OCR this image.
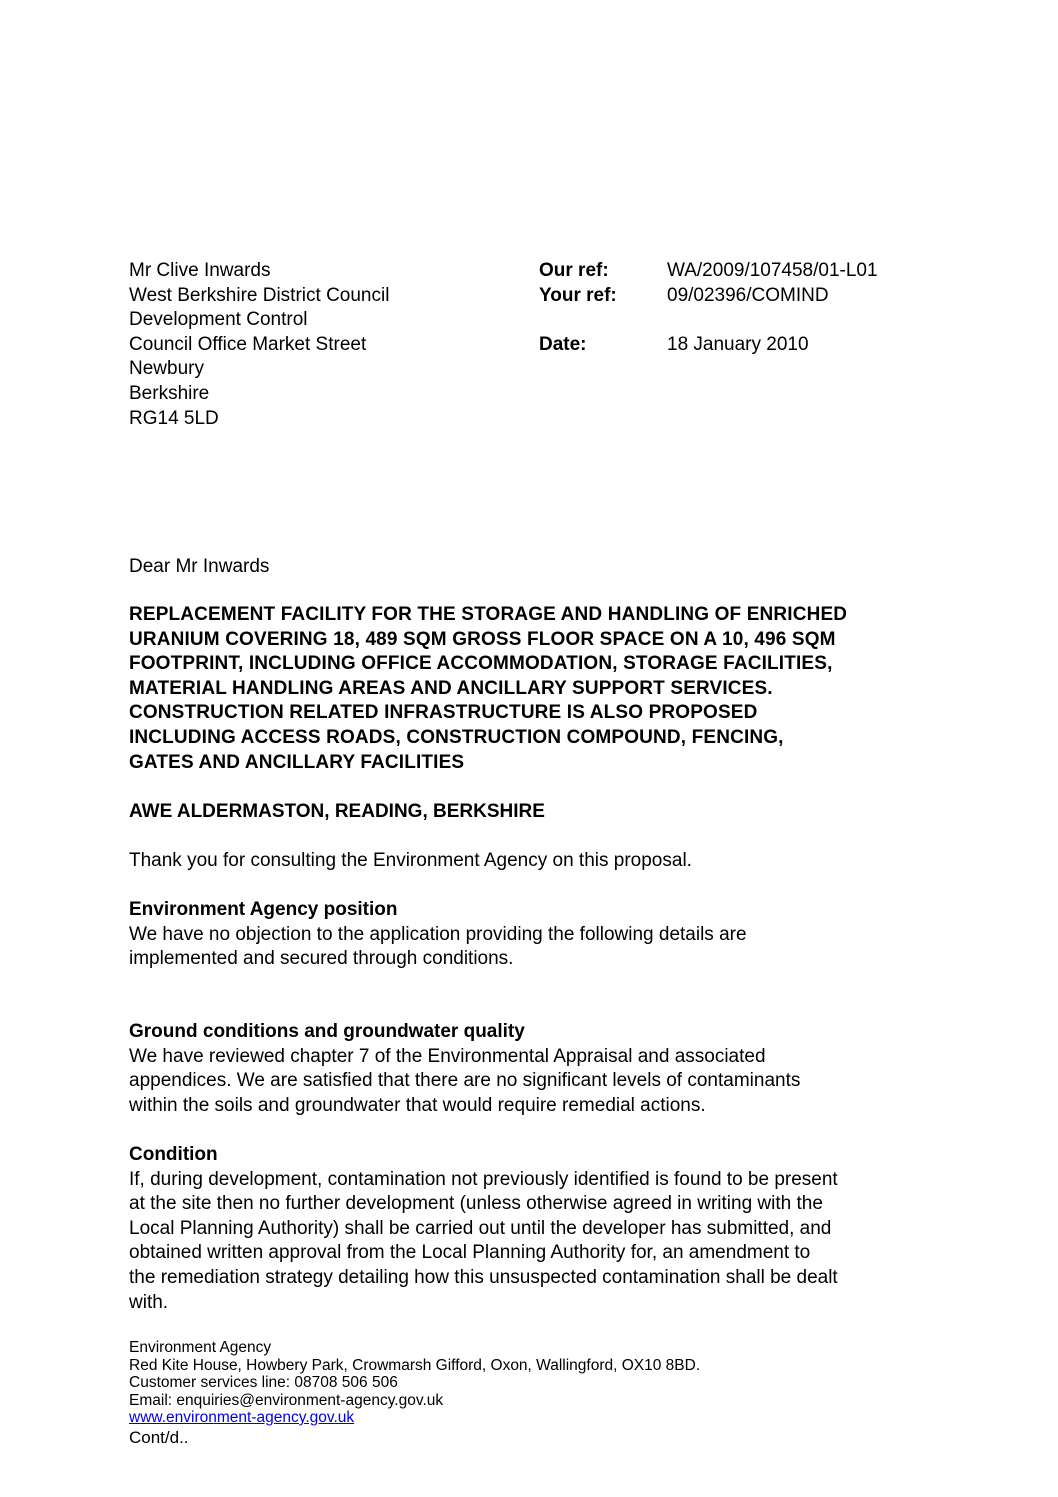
Mr Clive Inwards
West Berkshire District Council
Development Control
Council Office Market Street
Newbury
Berkshire
RG14 5LD
Our ref:	WA/2009/107458/01-L01
Your ref:	09/02396/COMIND
Date:	18 January 2010
Dear Mr Inwards
REPLACEMENT FACILITY FOR THE STORAGE AND HANDLING OF ENRICHED
URANIUM COVERING 18, 489 SQM GROSS FLOOR SPACE ON A 10, 496 SQM
FOOTPRINT, INCLUDING OFFICE ACCOMMODATION, STORAGE FACILITIES,
MATERIAL HANDLING AREAS AND ANCILLARY SUPPORT SERVICES.
CONSTRUCTION RELATED INFRASTRUCTURE IS ALSO PROPOSED
INCLUDING ACCESS ROADS, CONSTRUCTION COMPOUND, FENCING,
GATES AND ANCILLARY FACILITIES
AWE ALDERMASTON, READING, BERKSHIRE
Thank you for consulting the Environment Agency on this proposal.
Environment Agency position
We have no objection to the application providing the following details are
implemented and secured through conditions.
Ground conditions and groundwater quality
We have reviewed chapter 7 of the Environmental Appraisal and associated
appendices. We are satisfied that there are no significant levels of contaminants
within the soils and groundwater that would require remedial actions.
Condition
If, during development, contamination not previously identified is found to be present
at the site then no further development (unless otherwise agreed in writing with the
Local Planning Authority) shall be carried out until the developer has submitted, and
obtained written approval from the Local Planning Authority for, an amendment to
the remediation strategy detailing how this unsuspected contamination shall be dealt
with.
Environment Agency
Red Kite House, Howbery Park, Crowmarsh Gifford, Oxon, Wallingford, OX10 8BD.
Customer services line: 08708 506 506
Email: enquiries@environment-agency.gov.uk
www.environment-agency.gov.uk
Cont/d..
